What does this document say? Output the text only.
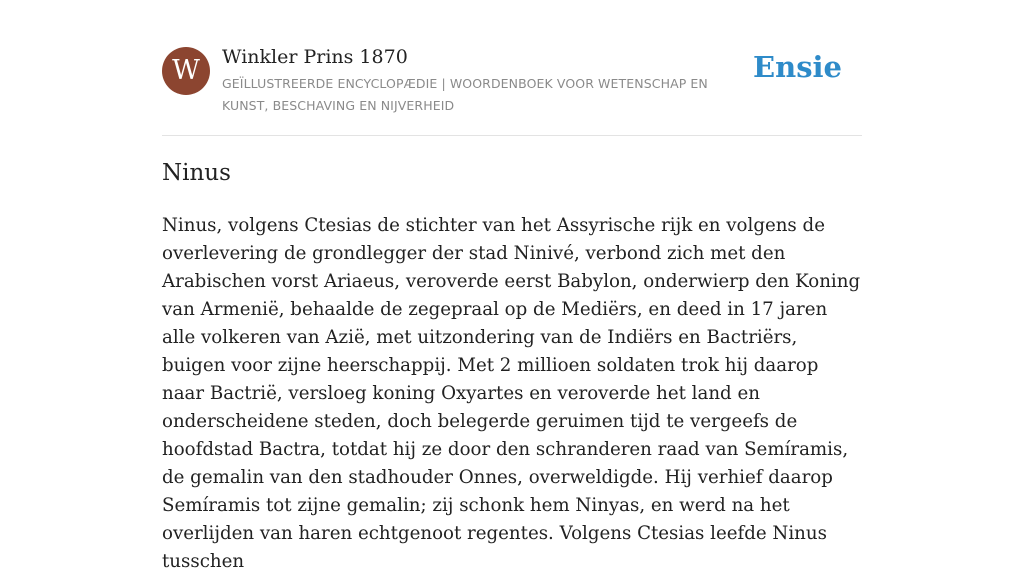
W	Winkler Prins 1870
GEÏLLUSTREERDE ENCYCLOPÆDIE | WOORDENBOEK VOOR WETENSCHAP EN KUNST, BESCHAVING EN NIJVERHEID
Ensie
Ninus

Ninus, volgens Ctesias de stichter van het Assyrische rijk en volgens de overlevering de grondlegger der stad Ninivé, verbond zich met den Arabischen vorst Ariaeus, veroverde eerst Babylon, onderwierp den Koning van Armenië, behaalde de zegepraal op de Mediërs, en deed in 17 jaren alle volkeren van Azië, met uitzondering van de Indiërs en Bactriërs, buigen voor zijne heerschappij. Met 2 millioen soldaten trok hij daarop naar Bactrië, versloeg koning Oxyartes en veroverde het land en onderscheidene steden, doch belegerde geruimen tijd te vergeefs de hoofdstad Bactra, totdat hij ze door den schranderen raad van Semíramis, de gemalin van den stadhouder Onnes, overweldigde. Hij verhief daarop Semíramis tot zijne gemalin; zij schonk hem Ninyas, en werd na het overlijden van haren echtgenoot regentes. Volgens Ctesias leefde Ninus tusschen
